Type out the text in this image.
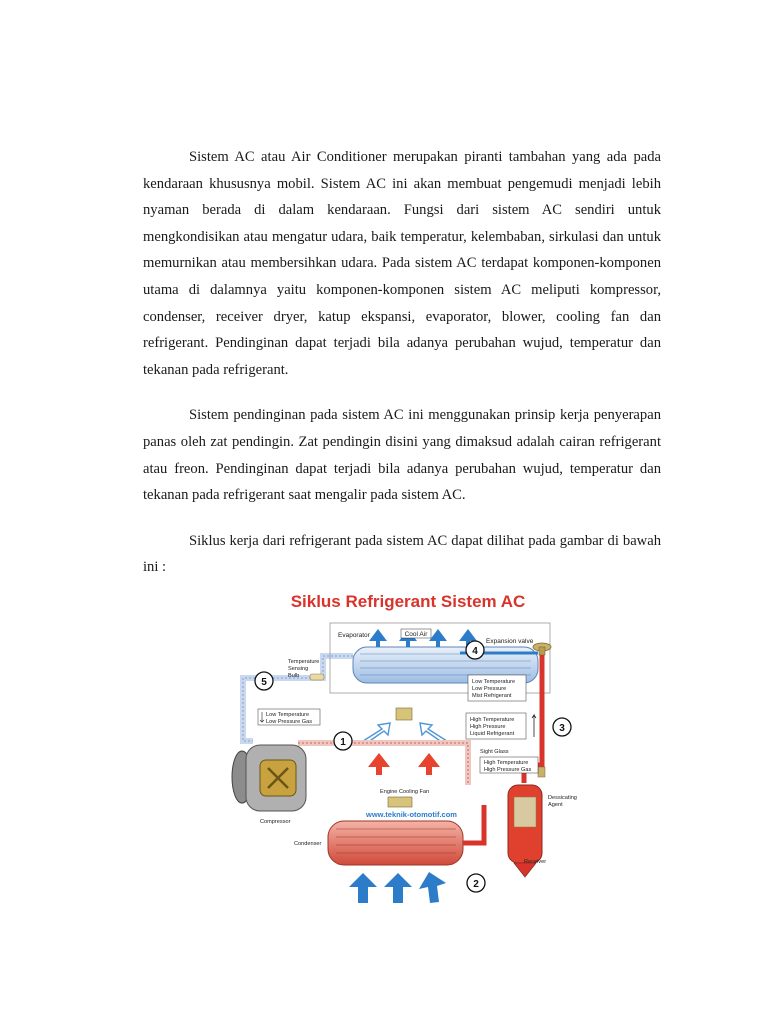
Sistem AC atau Air Conditioner merupakan piranti tambahan yang ada pada kendaraan khususnya mobil. Sistem AC ini akan membuat pengemudi menjadi lebih nyaman berada di dalam kendaraan. Fungsi dari sistem AC sendiri untuk mengkondisikan atau mengatur udara, baik temperatur, kelembaban, sirkulasi dan untuk memurnikan atau membersihkan udara. Pada sistem AC terdapat komponen-komponen utama di dalamnya yaitu komponen-komponen sistem AC meliputi kompressor, condenser, receiver dryer, katup ekspansi, evaporator, blower, cooling fan dan refrigerant. Pendinginan dapat terjadi bila adanya perubahan wujud, temperatur dan tekanan pada refrigerant.

Sistem pendinginan pada sistem AC ini menggunakan prinsip kerja penyerapan panas oleh zat pendingin. Zat pendingin disini yang dimaksud adalah cairan refrigerant atau freon. Pendinginan dapat terjadi bila adanya perubahan wujud, temperatur dan tekanan pada refrigerant saat mengalir pada sistem AC.

Siklus kerja dari refrigerant pada sistem AC dapat dilihat pada gambar di bawah ini :

Siklus Refrigerant Sistem AC
Evaporator	Cool Air
Expansion valve
Temperature
Sensing
Bulb
Low Temperature
Low Pressure Gas
Low Temperature
Low Pressure
Mist Refrigerant
High Temperature
High Pressure
Liquid Refrigerant
Sight Glass
High Temperature
High Pressure Gas
Engine Cooling Fan
www.teknik-otomotif.com
Condenser
Dessicating
Agent
Receiver
Compressor
4
5
1
3
2
